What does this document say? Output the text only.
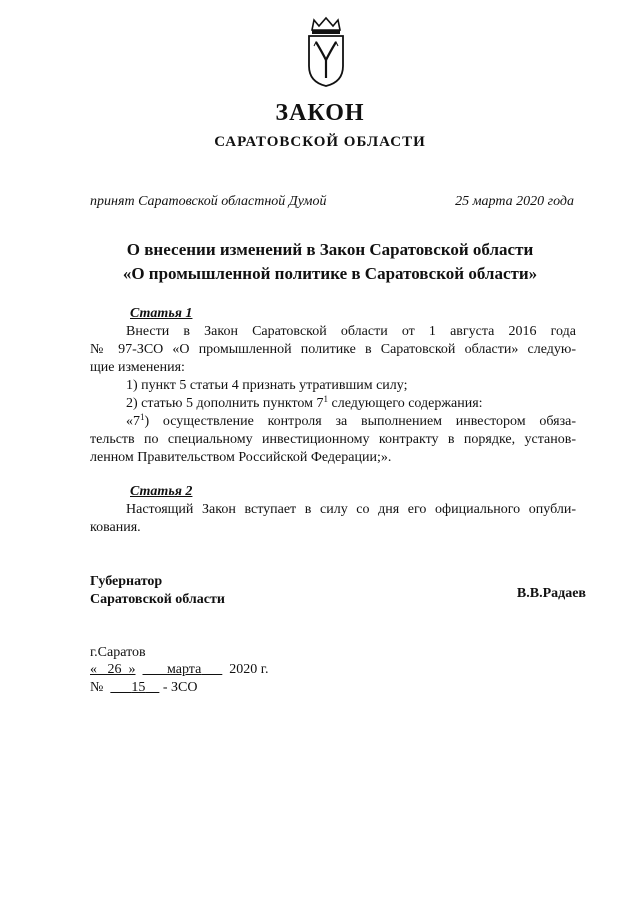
ЗАКОН
САРАТОВСКОЙ ОБЛАСТИ
принят Саратовской областной Думой	25 марта 2020 года
О внесении изменений в Закон Саратовской области
«О промышленной политике в Саратовской области»
Статья 1
Внести в Закон Саратовской области от 1 августа 2016 года
№ 97-ЗСО «О промышленной политике в Саратовской области» следую-
щие изменения:
1) пункт 5 статьи 4 признать утратившим силу;
2) статью 5 дополнить пунктом $7^1$ следующего содержания:
«$7^1$) осуществление контроля за выполнением инвестором обяза-
тельств по специальному инвестиционному контракту в порядке, установ-
ленном Правительством Российской Федерации;».
Статья 2
Настоящий Закон вступает в силу со дня его официального опубли-
кования.
Губернатор
Саратовской области	В.В.Радаев
г.Саратов
« 26 » марта 2020 г.
№ 15 - ЗСО
